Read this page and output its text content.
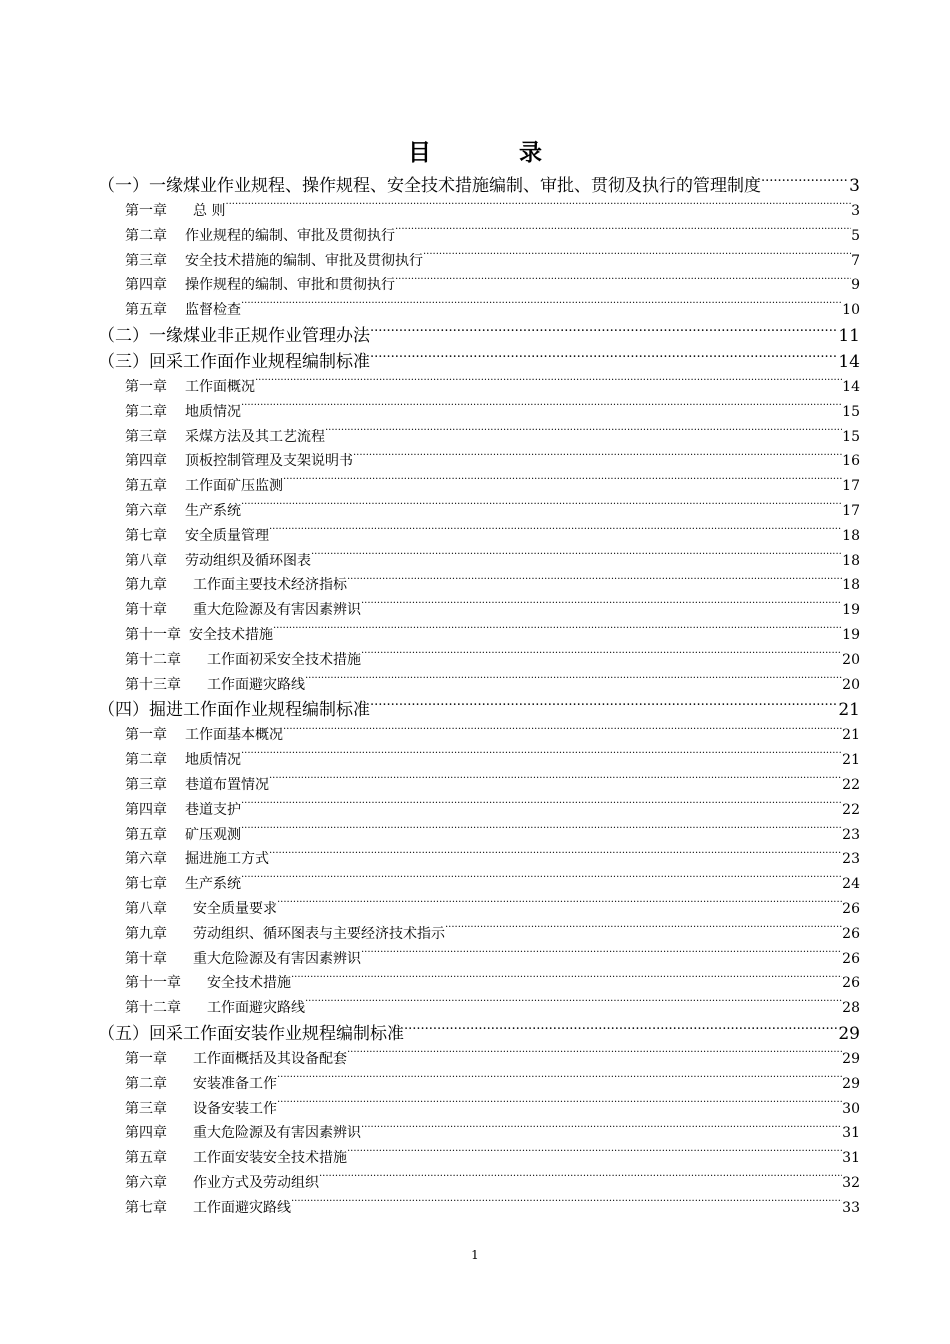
目 录
（一）一缘煤业作业规程、操作规程、安全技术措施编制、审批、贯彻及执行的管理制度 .....	3
第一章 总 则 .....	3
第二章 作业规程的编制、审批及贯彻执行 .....	5
第三章 安全技术措施的编制、审批及贯彻执行 .....	7
第四章 操作规程的编制、审批和贯彻执行 .....	9
第五章 监督检查 .....	10
（二）一缘煤业非正规作业管理办法 .....	11
（三）回采工作面作业规程编制标准 .....	14
第一章 工作面概况 .....	14
第二章 地质情况 .....	15
第三章 采煤方法及其工艺流程 .....	15
第四章 顶板控制管理及支架说明书 .....	16
第五章 工作面矿压监测 .....	17
第六章 生产系统 .....	17
第七章 安全质量管理 .....	18
第八章 劳动组织及循环图表 .....	18
第九章 工作面主要技术经济指标 .....	18
第十章 重大危险源及有害因素辨识 .....	19
第十一章 安全技术措施 .....	19
第十二章 工作面初采安全技术措施 .....	20
第十三章 工作面避灾路线 .....	20
（四）掘进工作面作业规程编制标准 .....	21
第一章 工作面基本概况 .....	21
第二章 地质情况 .....	21
第三章 巷道布置情况 .....	22
第四章 巷道支护 .....	22
第五章 矿压观测 .....	23
第六章 掘进施工方式 .....	23
第七章 生产系统 .....	24
第八章 安全质量要求 .....	26
第九章 劳动组织、循环图表与主要经济技术指示 .....	26
第十章 重大危险源及有害因素辨识 .....	26
第十一章 安全技术措施 .....	26
第十二章 工作面避灾路线 .....	28
（五）回采工作面安装作业规程编制标准 .....	29
第一章 工作面概括及其设备配套 .....	29
第二章 安装准备工作 .....	29
第三章 设备安装工作 .....	30
第四章 重大危险源及有害因素辨识 .....	31
第五章 工作面安装安全技术措施 .....	31
第六章 作业方式及劳动组织 .....	32
第七章 工作面避灾路线 .....	33
1
